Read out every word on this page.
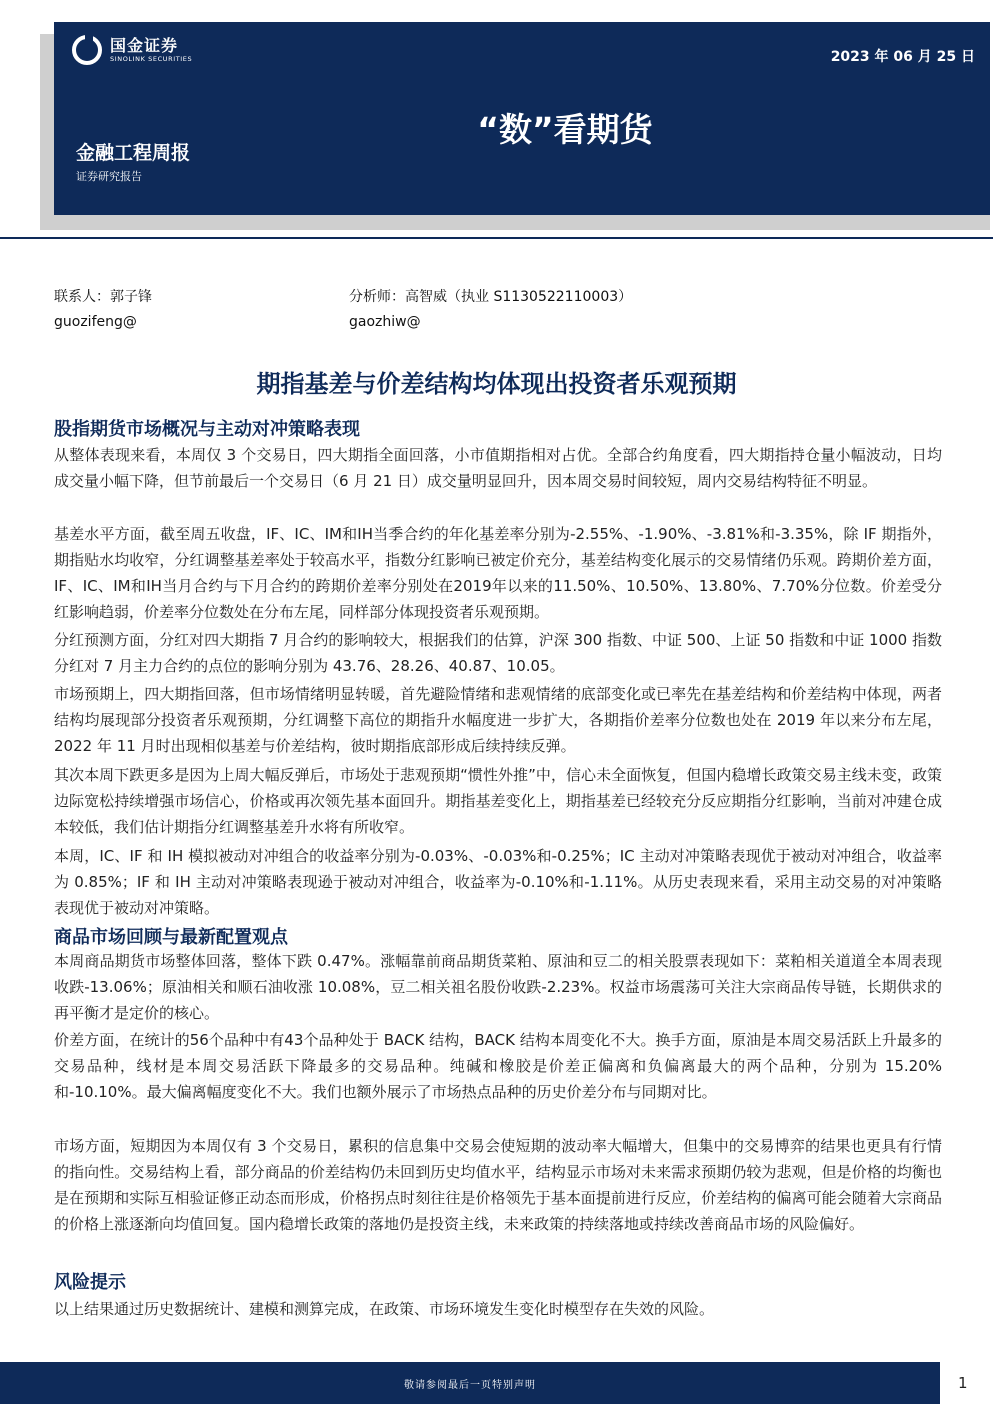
国金证券
SINOLINK SECURITIES	2023 年 06 月 25 日
“数”看期货
金融工程周报
证券研究报告
联系人：郭子锋
guozifeng@
分析师：高智威（执业 S1130522110003）
gaozhiw@
期指基差与价差结构均体现出投资者乐观预期
股指期货市场概况与主动对冲策略表现

从整体表现来看，本周仅 3 个交易日，四大期指全面回落，小市值期指相对占优。全部合约角度看，四大期指持仓量小幅波动，日均成交量小幅下降，但节前最后一个交易日（6 月 21 日）成交量明显回升，因本周交易时间较短，周内交易结构特征不明显。

基差水平方面，截至周五收盘，IF、IC、IM和IH当季合约的年化基差率分别为-2.55%、-1.90%、-3.81%和-3.35%，除 IF 期指外，期指贴水均收窄，分红调整基差率处于较高水平，指数分红影响已被定价充分，基差结构变化展示的交易情绪仍乐观。跨期价差方面，IF、IC、IM和IH当月合约与下月合约的跨期价差率分别处在2019年以来的11.50%、10.50%、13.80%、7.70%分位数。价差受分红影响趋弱，价差率分位数处在分布左尾，同样部分体现投资者乐观预期。

分红预测方面，分红对四大期指 7 月合约的影响较大，根据我们的估算，沪深 300 指数、中证 500、上证 50 指数和中证 1000 指数分红对 7 月主力合约的点位的影响分别为 43.76、28.26、40.87、10.05。

市场预期上，四大期指回落，但市场情绪明显转暖，首先避险情绪和悲观情绪的底部变化或已率先在基差结构和价差结构中体现，两者结构均展现部分投资者乐观预期，分红调整下高位的期指升水幅度进一步扩大，各期指价差率分位数也处在 2019 年以来分布左尾，2022 年 11 月时出现相似基差与价差结构，彼时期指底部形成后续持续反弹。

其次本周下跌更多是因为上周大幅反弹后，市场处于悲观预期“惯性外推”中，信心未全面恢复，但国内稳增长政策交易主线未变，政策边际宽松持续增强市场信心，价格或再次领先基本面回升。期指基差变化上，期指基差已经较充分反应期指分红影响，当前对冲建仓成本较低，我们估计期指分红调整基差升水将有所收窄。

本周，IC、IF 和 IH 模拟被动对冲组合的收益率分别为-0.03%、-0.03%和-0.25%；IC 主动对冲策略表现优于被动对冲组合，收益率为 0.85%；IF 和 IH 主动对冲策略表现逊于被动对冲组合，收益率为-0.10%和-1.11%。从历史表现来看，采用主动交易的对冲策略表现优于被动对冲策略。

商品市场回顾与最新配置观点

本周商品期货市场整体回落，整体下跌 0.47%。涨幅靠前商品期货菜粕、原油和豆二的相关股票表现如下：菜粕相关道道全本周表现收跌-13.06%；原油相关和顺石油收涨 10.08%，豆二相关祖名股份收跌-2.23%。权益市场震荡可关注大宗商品传导链，长期供求的再平衡才是定价的核心。

价差方面，在统计的56个品种中有43个品种处于 BACK 结构，BACK 结构本周变化不大。换手方面，原油是本周交易活跃上升最多的交易品种，线材是本周交易活跃下降最多的交易品种。纯碱和橡胶是价差正偏离和负偏离最大的两个品种，分别为 15.20%和-10.10%。最大偏离幅度变化不大。我们也额外展示了市场热点品种的历史价差分布与同期对比。

市场方面，短期因为本周仅有 3 个交易日，累积的信息集中交易会使短期的波动率大幅增大，但集中的交易博弈的结果也更具有行情的指向性。交易结构上看，部分商品的价差结构仍未回到历史均值水平，结构显示市场对未来需求预期仍较为悲观，但是价格的均衡也是在预期和实际互相验证修正动态而形成，价格拐点时刻往往是价格领先于基本面提前进行反应，价差结构的偏离可能会随着大宗商品的价格上涨逐渐向均值回复。国内稳增长政策的落地仍是投资主线，未来政策的持续落地或持续改善商品市场的风险偏好。

风险提示

以上结果通过历史数据统计、建模和测算完成，在政策、市场环境发生变化时模型存在失效的风险。

敬请参阅最后一页特别声明	1
